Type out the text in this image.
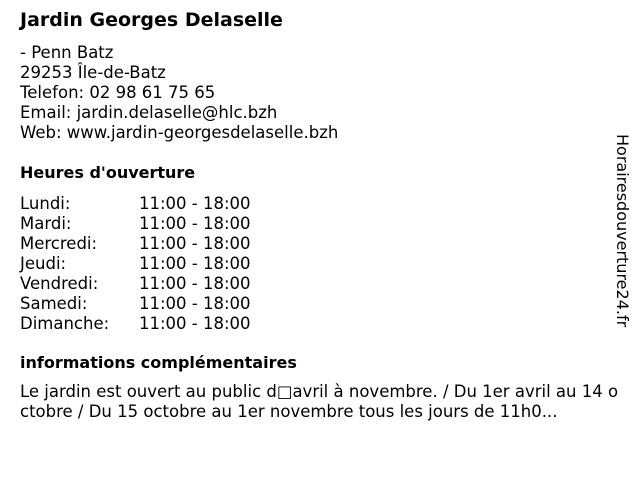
Jardin Georges Delaselle
- Penn Batz
29253 Île-de-Batz
Telefon: 02 98 61 75 65
Email: jardin.delaselle@hlc.bzh
Web: www.jardin-georgesdelaselle.bzh
Heures d'ouverture
Lundi:	11:00 - 18:00
Mardi:	11:00 - 18:00
Mercredi:	11:00 - 18:00
Jeudi:	11:00 - 18:00
Vendredi: 11:00 - 18:00
Samedi:	11:00 - 18:00
Dimanche: 11:00 - 18:00
informations complémentaires
Le jardin est ouvert au public d□avril à novembre. / Du 1er avril au 14 octobre / Du 15 octobre au 1er novembre tous les jours de 11h0...
Horairesdouverture24.fr
